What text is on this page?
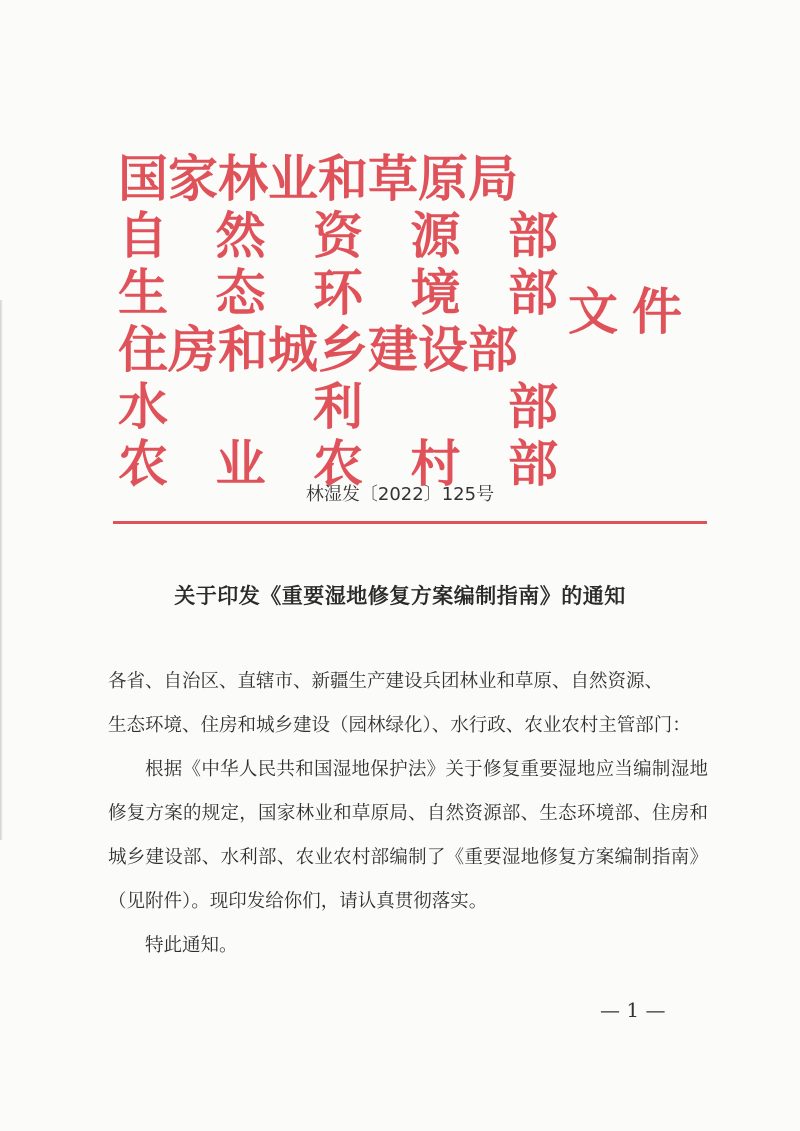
国家林业和草原局
自 然 资 源 部
生 态 环 境 部
住房和城乡建设部
水	利	部
农 业 农 村 部
文件
林湿发〔2022〕125号
关于印发《重要湿地修复方案编制指南》的通知

各省、自治区、直辖市、新疆生产建设兵团林业和草原、自然资源、

生态环境、住房和城乡建设（园林绿化）、水行政、农业农村主管部门：

根据《中华人民共和国湿地保护法》关于修复重要湿地应当编制湿地修复方案的规定，国家林业和草原局、自然资源部、生态环境部、住房和城乡建设部、水利部、农业农村部编制了《重要湿地修复方案编制指南》（见附件）。现印发给你们，请认真贯彻落实。

特此通知。

— 1 —
